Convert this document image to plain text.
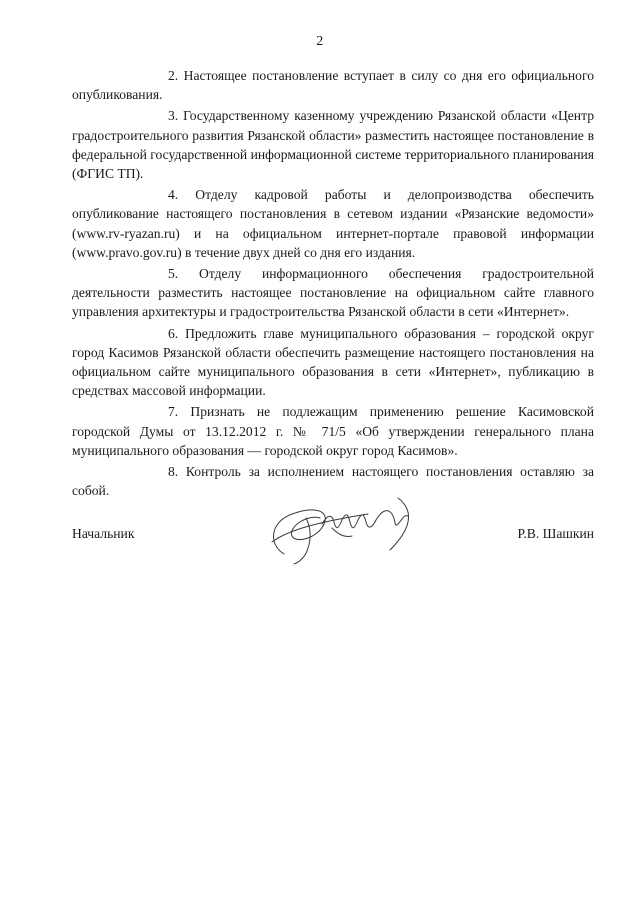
2

2. Настоящее постановление вступает в силу со дня его официального опубликования.

3. Государственному казенному учреждению Рязанской области «Центр градостроительного развития Рязанской области» разместить настоящее постановление в федеральной государственной информационной системе территориального планирования (ФГИС ТП).

4. Отделу кадровой работы и делопроизводства обеспечить опубликование настоящего постановления в сетевом издании «Рязанские ведомости» (www.rv-ryazan.ru) и на официальном интернет-портале правовой информации (www.pravo.gov.ru) в течение двух дней со дня его издания.

5. Отделу информационного обеспечения градостроительной деятельности разместить настоящее постановление на официальном сайте главного управления архитектуры и градостроительства Рязанской области в сети «Интернет».

6. Предложить главе муниципального образования – городской округ город Касимов Рязанской области обеспечить размещение настоящего постановления на официальном сайте муниципального образования в сети «Интернет», публикацию в средствах массовой информации.

7. Признать не подлежащим применению решение Касимовской городской Думы от 13.12.2012 г. № 71/5 «Об утверждении генерального плана муниципального образования — городской округ город Касимов».

8. Контроль за исполнением настоящего постановления оставляю за собой.

Начальник	Р.В. Шашкин
